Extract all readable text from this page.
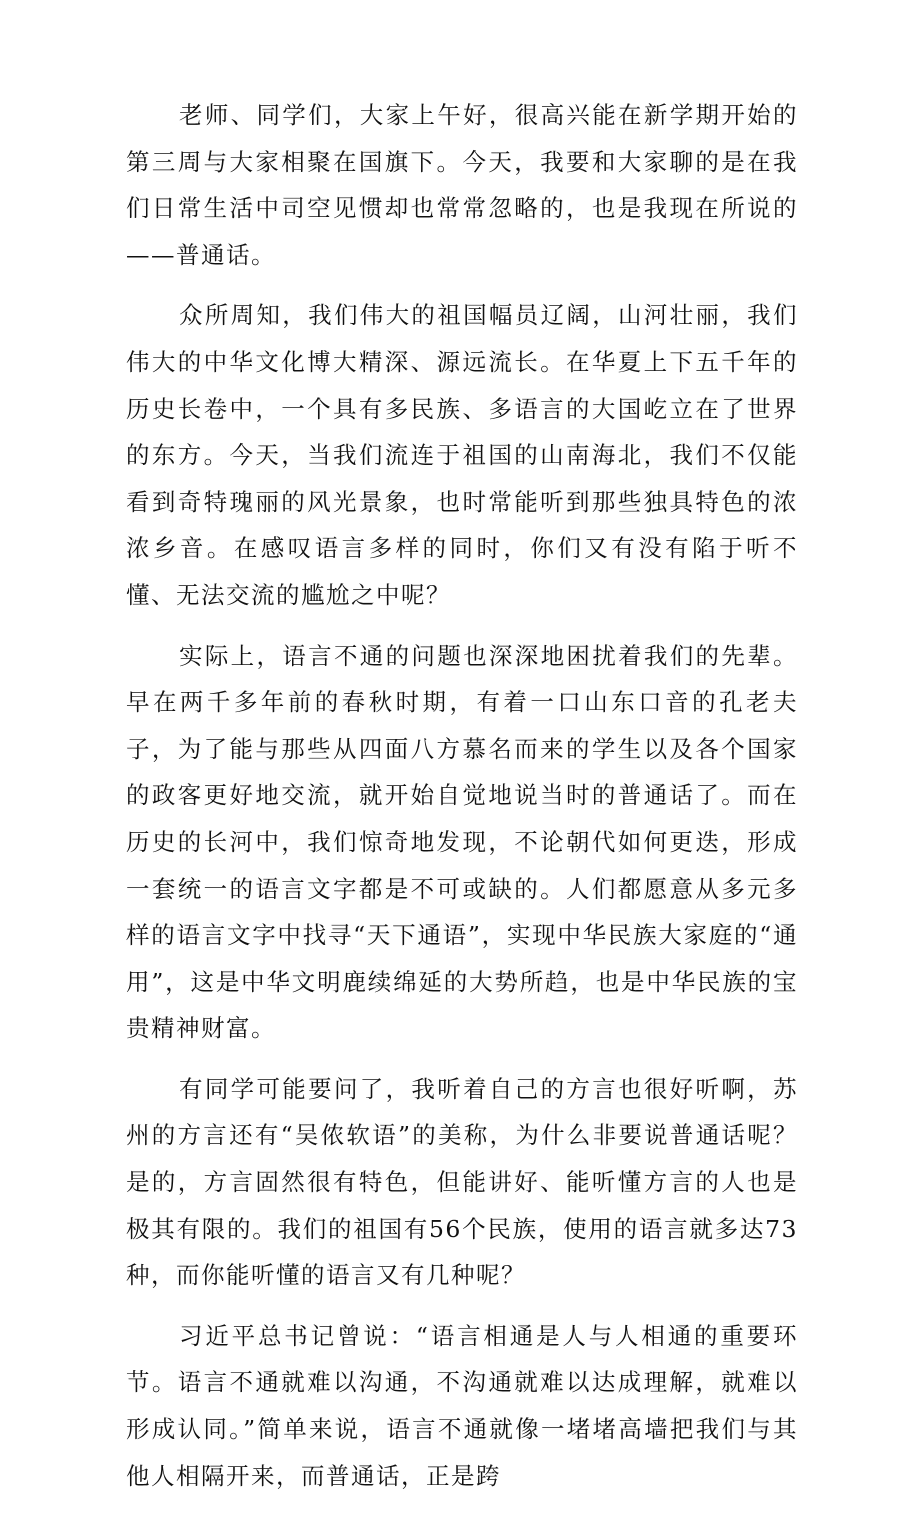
老师、同学们，大家上午好，很高兴能在新学期开始的第三周与大家相聚在国旗下。今天，我要和大家聊的是在我们日常生活中司空见惯却也常常忽略的，也是我现在所说的——普通话。

众所周知，我们伟大的祖国幅员辽阔，山河壮丽，我们伟大的中华文化博大精深、源远流长。在华夏上下五千年的历史长卷中，一个具有多民族、多语言的大国屹立在了世界的东方。今天，当我们流连于祖国的山南海北，我们不仅能看到奇特瑰丽的风光景象，也时常能听到那些独具特色的浓浓乡音。在感叹语言多样的同时，你们又有没有陷于听不懂、无法交流的尴尬之中呢？

实际上，语言不通的问题也深深地困扰着我们的先辈。早在两千多年前的春秋时期，有着一口山东口音的孔老夫子，为了能与那些从四面八方慕名而来的学生以及各个国家的政客更好地交流，就开始自觉地说当时的普通话了。而在历史的长河中，我们惊奇地发现，不论朝代如何更迭，形成一套统一的语言文字都是不可或缺的。人们都愿意从多元多样的语言文字中找寻“天下通语”，实现中华民族大家庭的“通用”，这是中华文明鹿续绵延的大势所趋，也是中华民族的宝贵精神财富。

有同学可能要问了，我听着自己的方言也很好听啊，苏州的方言还有“吴侬软语”的美称，为什么非要说普通话呢？是的，方言固然很有特色，但能讲好、能听懂方言的人也是极其有限的。我们的祖国有56个民族，使用的语言就多达73种，而你能听懂的语言又有几种呢？

习近平总书记曾说：“语言相通是人与人相通的重要环节。语言不通就难以沟通，不沟通就难以达成理解，就难以形成认同。”简单来说，语言不通就像一堵堵高墙把我们与其他人相隔开来，而普通话，正是跨
